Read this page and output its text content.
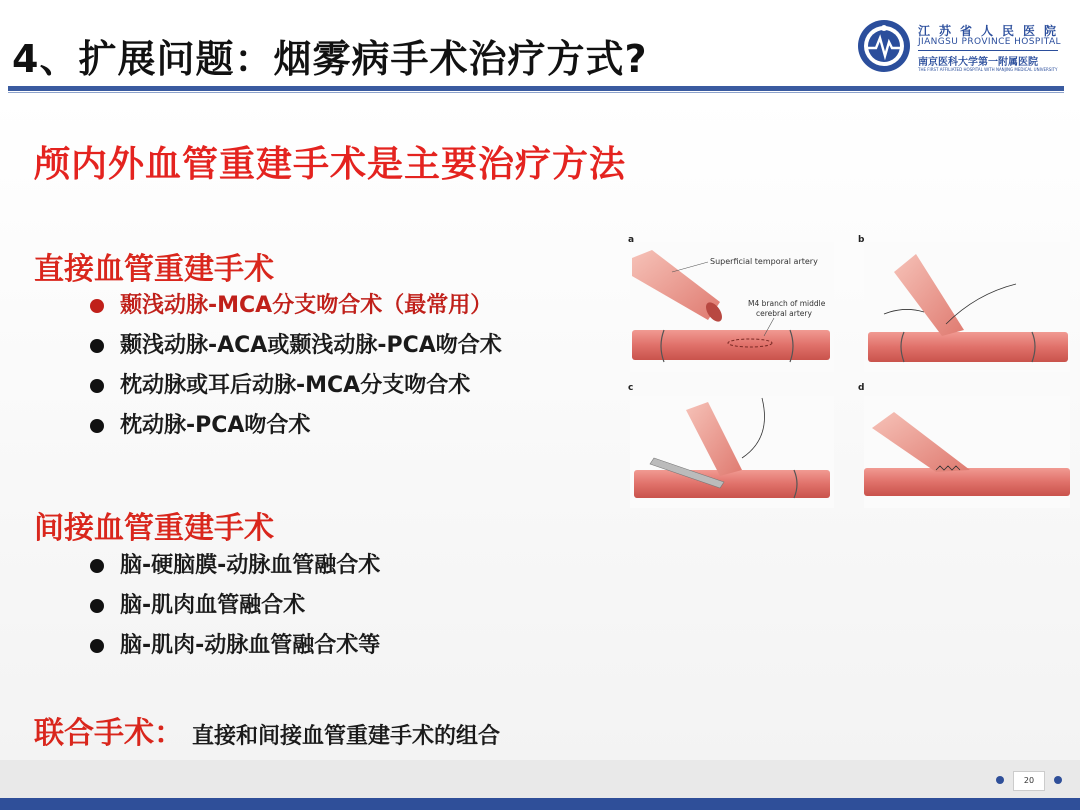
4、扩展问题：烟雾病手术治疗方式?
江苏省人民医院
JIANGSU PROVINCE HOSPITAL
南京医科大学第一附属医院
THE FIRST AFFILIATED HOSPITAL WITH NANJING MEDICAL UNIVERSITY
颅内外血管重建手术是主要治疗方法
直接血管重建手术
颞浅动脉-MCA分支吻合术（最常用）
颞浅动脉-ACA或颞浅动脉-PCA吻合术
枕动脉或耳后动脉-MCA分支吻合术
枕动脉-PCA吻合术
间接血管重建手术
脑-硬脑膜-动脉血管融合术
脑-肌肉血管融合术
脑-肌肉-动脉血管融合术等
联合手术： 直接和间接血管重建手术的组合
a
Superficial temporal artery
M4 branch of middle
cerebral artery
b
c	d
20
